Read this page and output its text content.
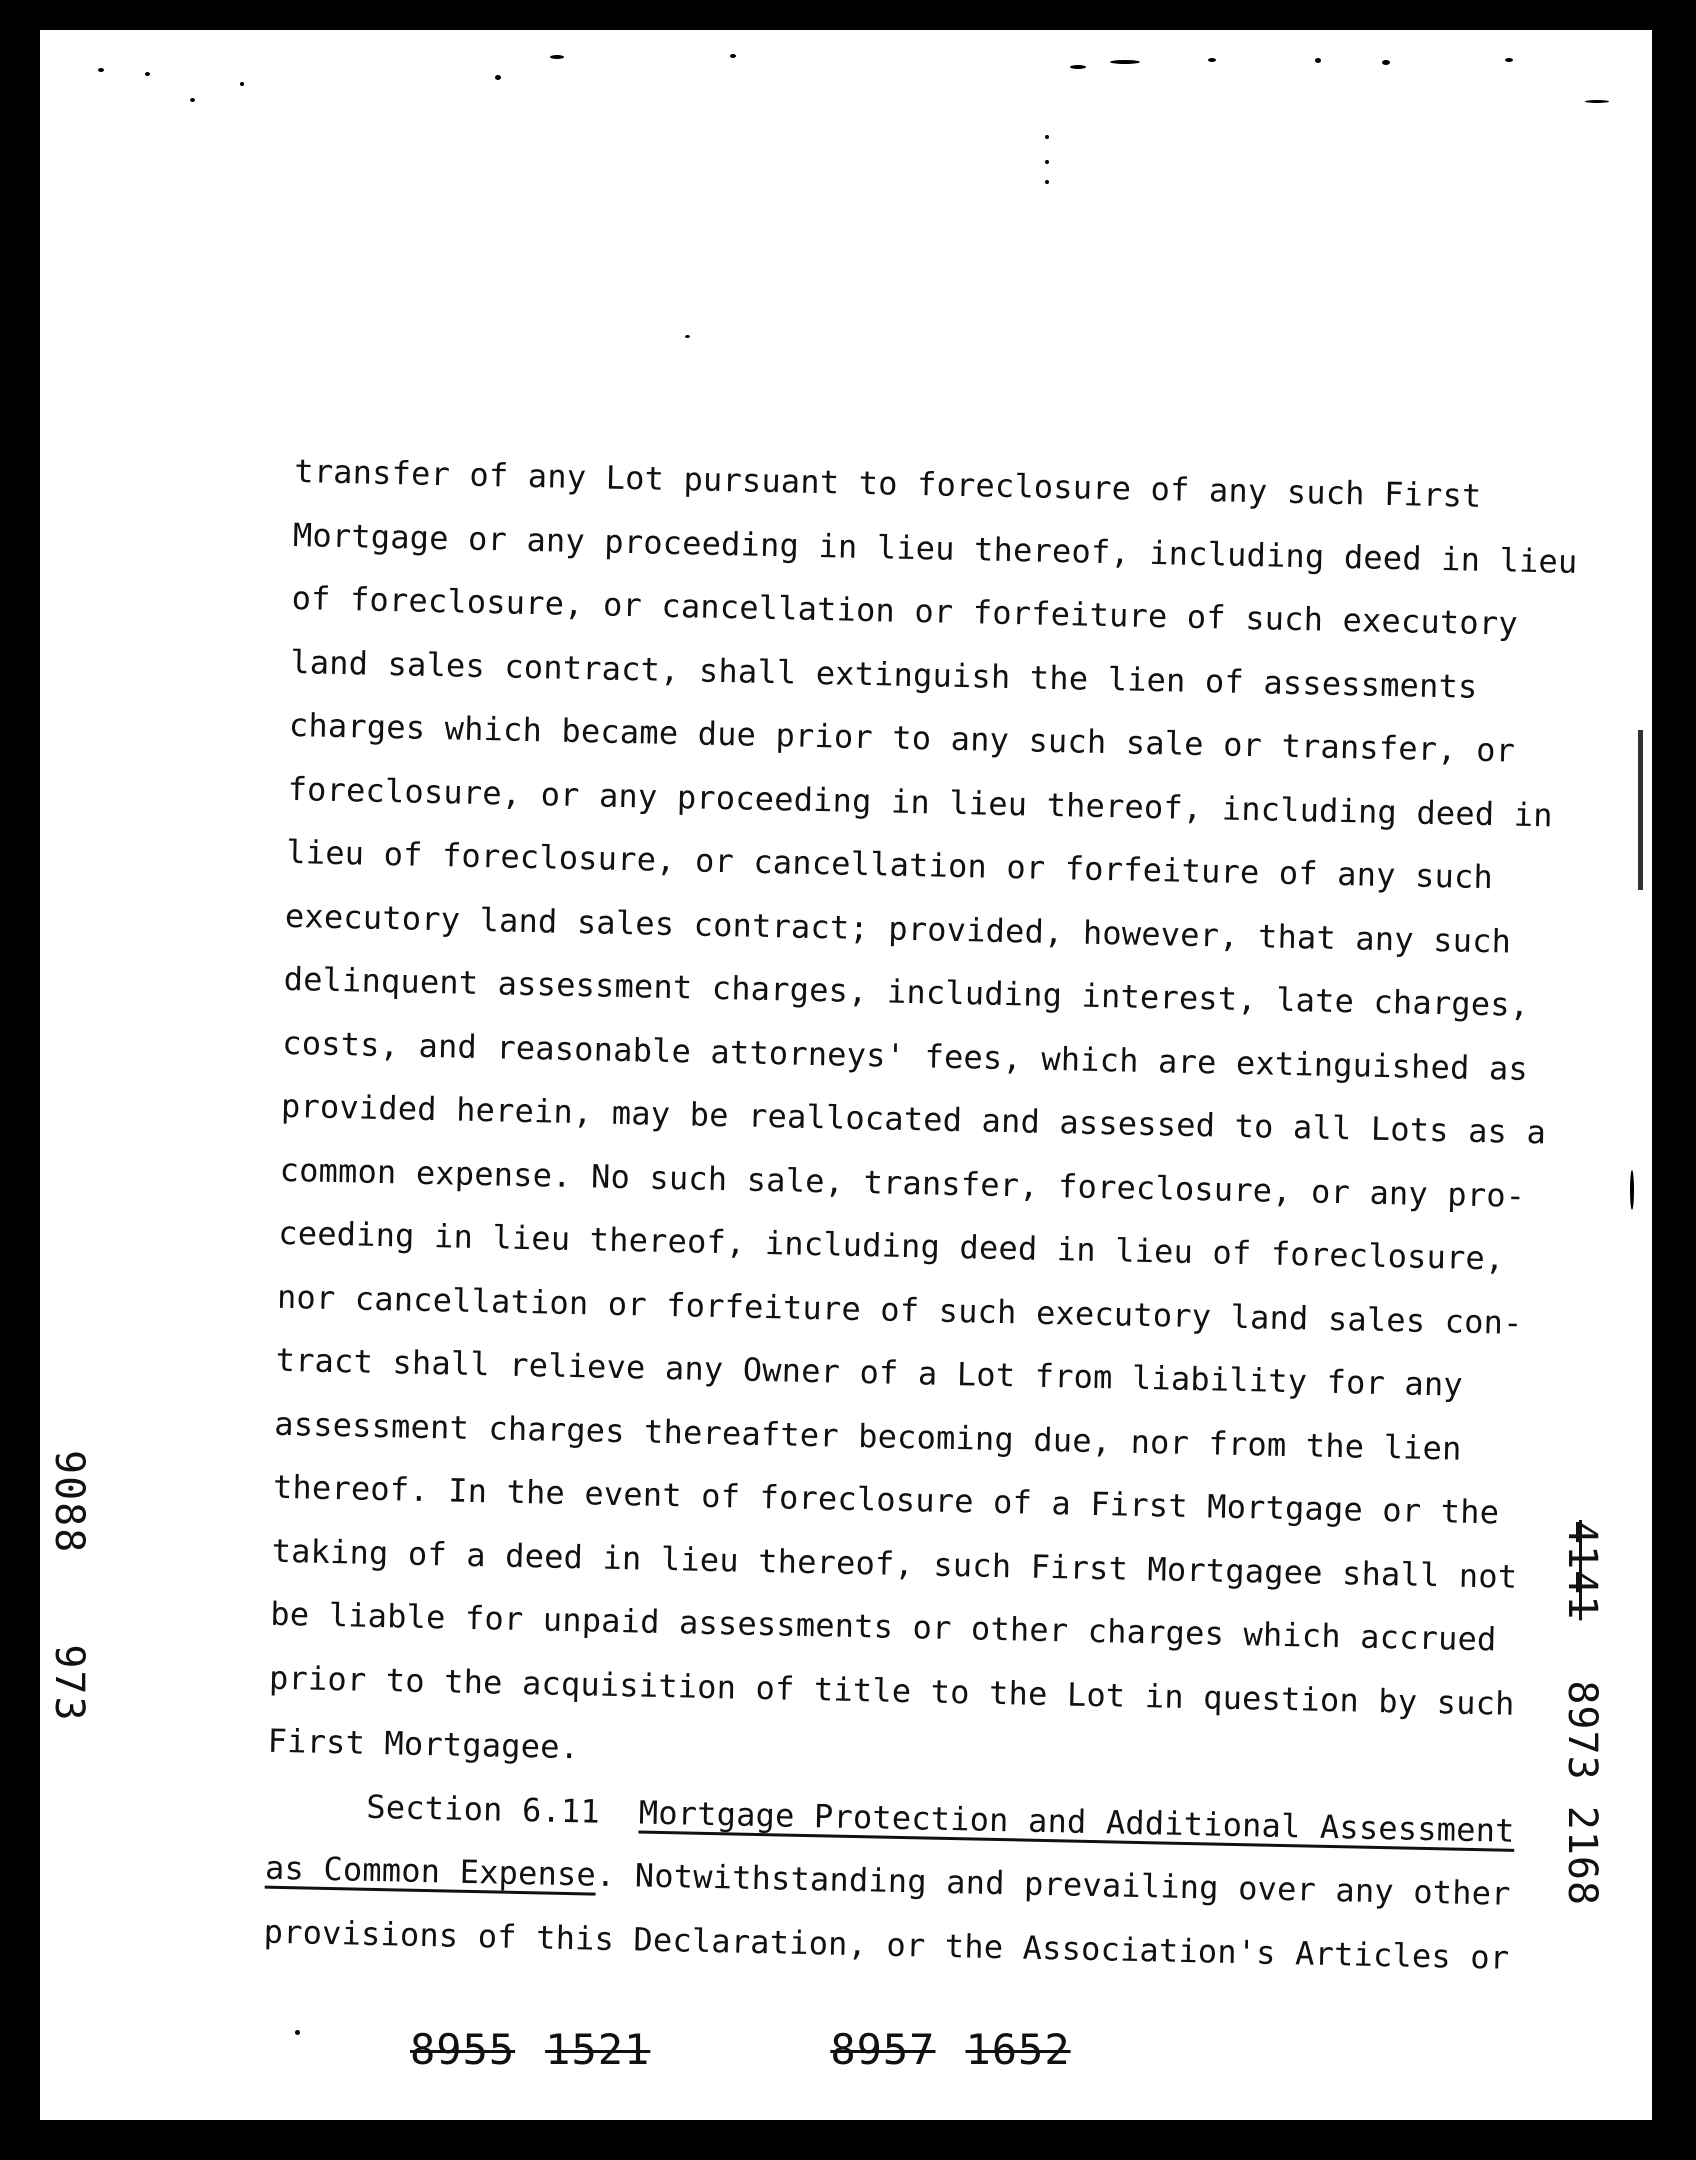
transfer of any Lot pursuant to foreclosure of any such First
Mortgage or any proceeding in lieu thereof, including deed in lieu
of foreclosure, or cancellation or forfeiture of such executory
land sales contract, shall extinguish the lien of assessments
charges which became due prior to any such sale or transfer, or
foreclosure, or any proceeding in lieu thereof, including deed in
lieu of foreclosure, or cancellation or forfeiture of any such
executory land sales contract; provided, however, that any such
delinquent assessment charges, including interest, late charges,
costs, and reasonable attorneys' fees, which are extinguished as
provided herein, may be reallocated and assessed to all Lots as a
common expense. No such sale, transfer, foreclosure, or any pro-
ceeding in lieu thereof, including deed in lieu of foreclosure,
nor cancellation or forfeiture of such executory land sales con-
tract shall relieve any Owner of a Lot from liability for any
assessment charges thereafter becoming due, nor from the lien
thereof. In the event of foreclosure of a First Mortgage or the
taking of a deed in lieu thereof, such First Mortgagee shall not
be liable for unpaid assessments or other charges which accrued
prior to the acquisition of title to the Lot in question by such
First Mortgagee.
Section 6.11 Mortgage Protection and Additional Assessment
as Common Expense. Notwithstanding and prevailing over any other
provisions of this Declaration, or the Association's Articles or
9088973
41418973 2168
8955 1521	8957 1652
